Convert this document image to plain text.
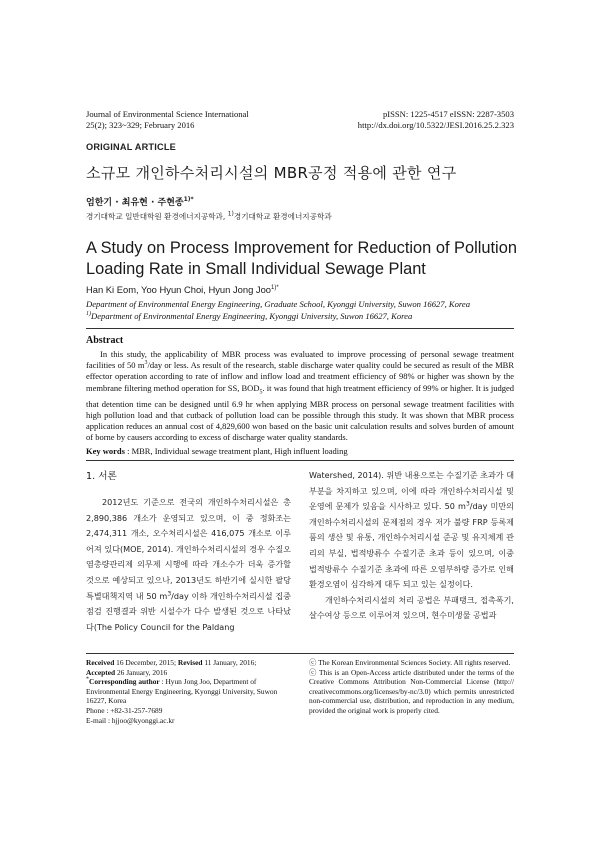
Journal of Environmental Science International
25(2); 323~329; February 2016
pISSN: 1225-4517 eISSN: 2287-3503
http://dx.doi.org/10.5322/JESI.2016.25.2.323
ORIGINAL ARTICLE
소규모 개인하수처리시설의 MBR공정 적용에 관한 연구
엄한기 · 최유현 · 주현종$^{1)*}$
경기대학교 일반대학원 환경에너지공학과, $^{1)}$경기대학교 환경에너지공학과
A Study on Process Improvement for Reduction of Pollution
Loading Rate in Small Individual Sewage Plant
Han Ki Eom, Yoo Hyun Choi, Hyun Jong Joo$^{1)*}$
Department of Environmental Energy Engineering, Graduate School, Kyonggi University, Suwon 16627, Korea
$^{1)}$Department of Environmental Energy Engineering, Kyonggi University, Suwon 16627, Korea
Abstract
In this study, the applicability of MBR process was evaluated to improve processing of personal sewage treatment facilities of 50 $m^3$/day or less. As result of the research, stable discharge water quality could be secured as result of the MBR effector operation according to rate of inflow and inflow load and treatment efficiency of 98% or higher was shown by the membrane filtering method operation for SS, $BOD_5$. it was found that high treatment efficiency of 99% or higher. It is judged that detention time can be designed until 6.9 hr when applying MBR process on personal sewage treatment facilities with high pollution load and that cutback of pollution load can be possible through this study. It was shown that MBR process application reduces an annual cost of 4,829,600 won based on the basic unit calculation results and solves burden of amount of borne by causers according to excess of discharge water quality standards.
Key words : MBR, Individual sewage treatment plant, High influent loading
1. 서론

2012년도 기준으로 전국의 개인하수처리시설은 총 2,890,386 개소가 운영되고 있으며, 이 중 정화조는 2,474,311 개소, 오수처리시설은 416,075 개소로 이루어져 있다(MOE, 2014). 개인하수처리시설의 경우 수질오염총량관리제 의무제 시행에 따라 개소수가 더욱 증가할 것으로 예상되고 있으나, 2013년도 하반기에 실시한 팔당특별대책지역 내 50 $m^3$/day 이하 개인하수처리시설 집중점검 진행결과 위반 시설수가 다수 발생된 것으로 나타났다(The Policy Council for the Paldang

Watershed, 2014). 위반 내용으로는 수질기준 초과가 대부분을 차지하고 있으며, 이에 따라 개인하수처리시설 및 운영에 문제가 있음을 시사하고 있다. 50 $m^3$/day 미만의 개인하수처리시설의 문제점의 경우 저가 불량 FRP 등록제품의 생산 및 유통, 개인하수처리시설 준공 및 유지체계 관리의 부실, 법적방류수 수질기준 초과 등이 있으며, 이중 법적방류수 수질기준 초과에 따른 오염부하량 증가로 인해 환경오염이 심각하게 대두 되고 있는 실정이다.

개인하수처리시설의 처리 공법은 부패탱크, 접촉폭기, 살수여상 등으로 이루어져 있으며, 현수미생물 공법과

Received 16 December, 2015; Revised 11 January, 2016;
Accepted 26 January, 2016
*Corresponding author : Hyun Jong Joo, Department of Environmental Energy Engineering, Kyonggi University, Suwon 16227, Korea
Phone : +82-31-257-7689
E-mail : hjjoo@kyonggi.ac.kr
ⓒ The Korean Environmental Sciences Society. All rights reserved.
ⓒ This is an Open-Access article distributed under the terms of the Creative Commons Attribution Non-Commercial License (http:// creativecommons.org/licenses/by-nc/3.0) which permits unrestricted non-commercial use, distribution, and reproduction in any medium, provided the original work is properly cited.
